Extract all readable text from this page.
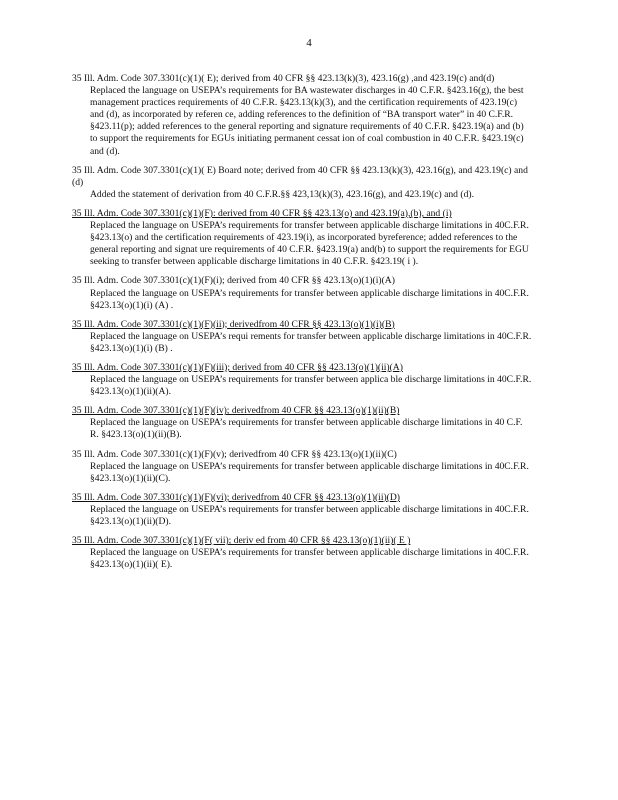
4

35 Ill. Adm. Code 307.3301(c)(1)( E); derived from 40 CFR §§ 423.13(k)(3), 423.16(g) ,and 423.19(c) and(d)

Replaced the language on USEPA’s requirements for BA wastewater discharges in 40 C.F.R. §423.16(g), the best management practices requirements of 40 C.F.R. §423.13(k)(3), and the certification requirements of 423.19(c) and (d), as incorporated by referen ce, adding references to the definition of “BA transport water” in 40 C.F.R. §423.11(p); added references to the general reporting and signature requirements of 40 C.F.R. §423.19(a) and (b) to support the requirements for EGUs initiating permanent cessat ion of coal combustion in 40 C.F.R. §423.19(c) and (d).

35 Ill. Adm. Code 307.3301(c)(1)( E) Board note; derived from 40 CFR §§ 423.13(k)(3), 423.16(g), and 423.19(c) and (d)

Added the statement of derivation from 40 C.F.R.§§ 423,13(k)(3), 423.16(g), and 423.19(c) and (d).

35 Ill. Adm. Code 307.3301(c)(1)(F): derived from 40 CFR §§ 423.13(o) and 423.19(a),(b), and (i)

Replaced the language on USEPA’s requirements for transfer between applicable discharge limitations in 40C.F.R. §423.13(o) and the certification requirements of 423.19(i), as incorporated byreference; added references to the general reporting and signat ure requirements of 40 C.F.R. §423.19(a) and(b) to support the requirements for EGU seeking to transfer between applicable discharge limitations in 40 C.F.R. §423.19( i ).

35 Ill. Adm. Code 307.3301(c)(1)(F)(i); derived from 40 CFR §§ 423.13(o)(1)(i)(A)

Replaced the language on USEPA’s requirements for transfer between applicable discharge limitations in 40C.F.R. §423.13(o)(1)(i) (A) .

35 Ill. Adm. Code 307.3301(c)(1)(F)(ii); derivedfrom 40 CFR §§ 423.13(o)(1)(i)(B)

Replaced the language on USEPA’s requi rements for transfer between applicable discharge limitations in 40C.F.R. §423.13(o)(1)(i) (B) .

35 Ill. Adm. Code 307.3301(c)(1)(F)(iii); derived from 40 CFR §§ 423.13(o)(1)(ii)(A)

Replaced the language on USEPA’s requirements for transfer between applica ble discharge limitations in 40C.F.R. §423.13(o)(1)(ii)(A).

35 Ill. Adm. Code 307.3301(c)(1)(F)(iv); derivedfrom 40 CFR §§ 423.13(o)(1)(ii)(B)

Replaced the language on USEPA’s requirements for transfer between applicable discharge limitations in 40 C.F. R. §423.13(o)(1)(ii)(B).

35 Ill. Adm. Code 307.3301(c)(1)(F)(v); derivedfrom 40 CFR §§ 423.13(o)(1)(ii)(C)

Replaced the language on USEPA’s requirements for transfer between applicable discharge limitations in 40C.F.R. §423.13(o)(1)(ii)(C).

35 Ill. Adm. Code 307.3301(c)(1)(F)(vi); derivedfrom 40 CFR §§ 423.13(o)(1)(ii)(D)

Replaced the language on USEPA’s requirements for transfer between applicable discharge limitations in 40C.F.R. §423.13(o)(1)(ii)(D).

35 Ill. Adm. Code 307.3301(c)(1)(F( vii); deriv ed from 40 CFR §§ 423.13(o)(1)(ii)( E )

Replaced the language on USEPA’s requirements for transfer between applicable discharge limitations in 40C.F.R. §423.13(o)(1)(ii)( E).
